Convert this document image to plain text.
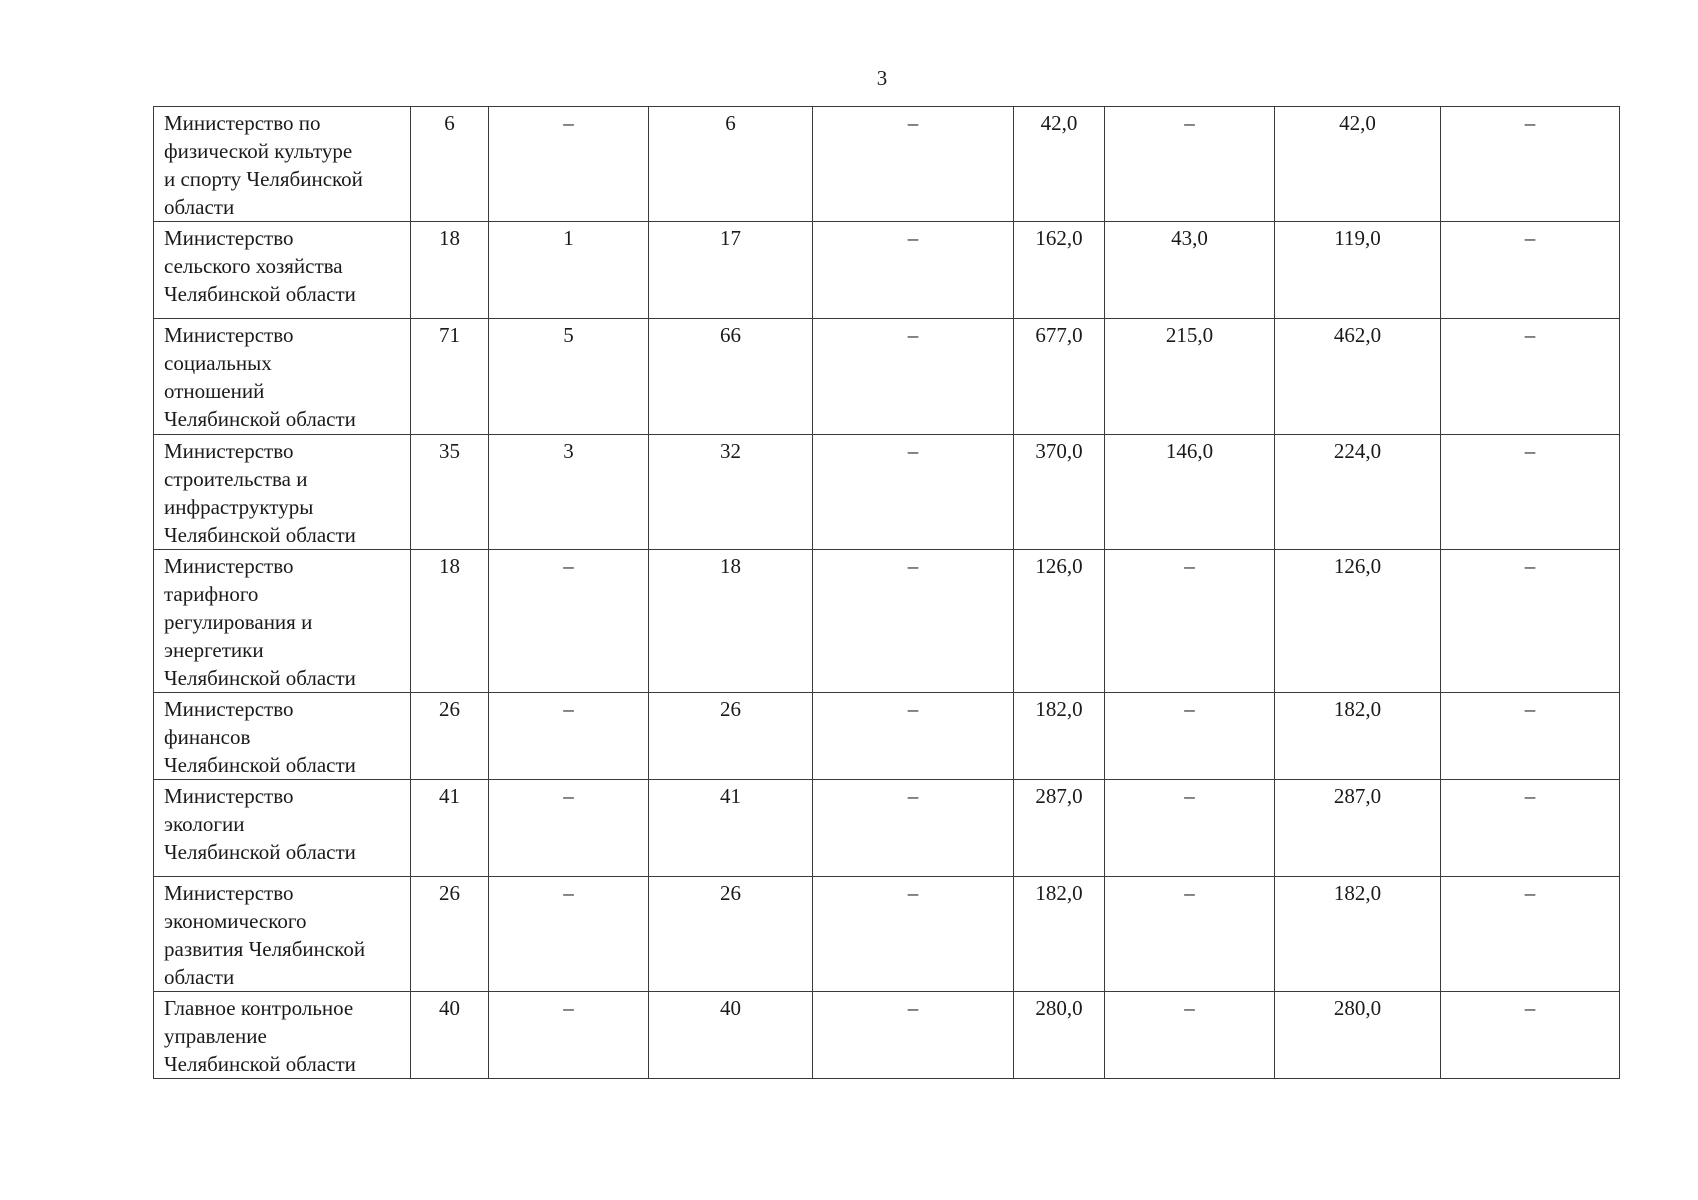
3
Министерство по
физической культуре
и спорту Челябинской
области	6	–	6	–	42,0	–	42,0	–

Министерство
сельского хозяйства
Челябинской области	18	1	17	–	162,0	43,0	119,0	–

Министерство
социальных
отношений
Челябинской области	71	5	66	–	677,0	215,0	462,0	–

Министерство
строительства и
инфраструктуры
Челябинской области	35	3	32	–	370,0	146,0	224,0	–

Министерство
тарифного
регулирования и
энергетики
Челябинской области	18	–	18	–	126,0	–	126,0	–

Министерство
финансов
Челябинской области	26	–	26	–	182,0	–	182,0	–

Министерство
экологии
Челябинской области	41	–	41	–	287,0	–	287,0	–

Министерство
экономического
развития Челябинской
области	26	–	26	–	182,0	–	182,0	–

Главное контрольное
управление
Челябинской области	40	–	40	–	280,0	–	280,0	–
